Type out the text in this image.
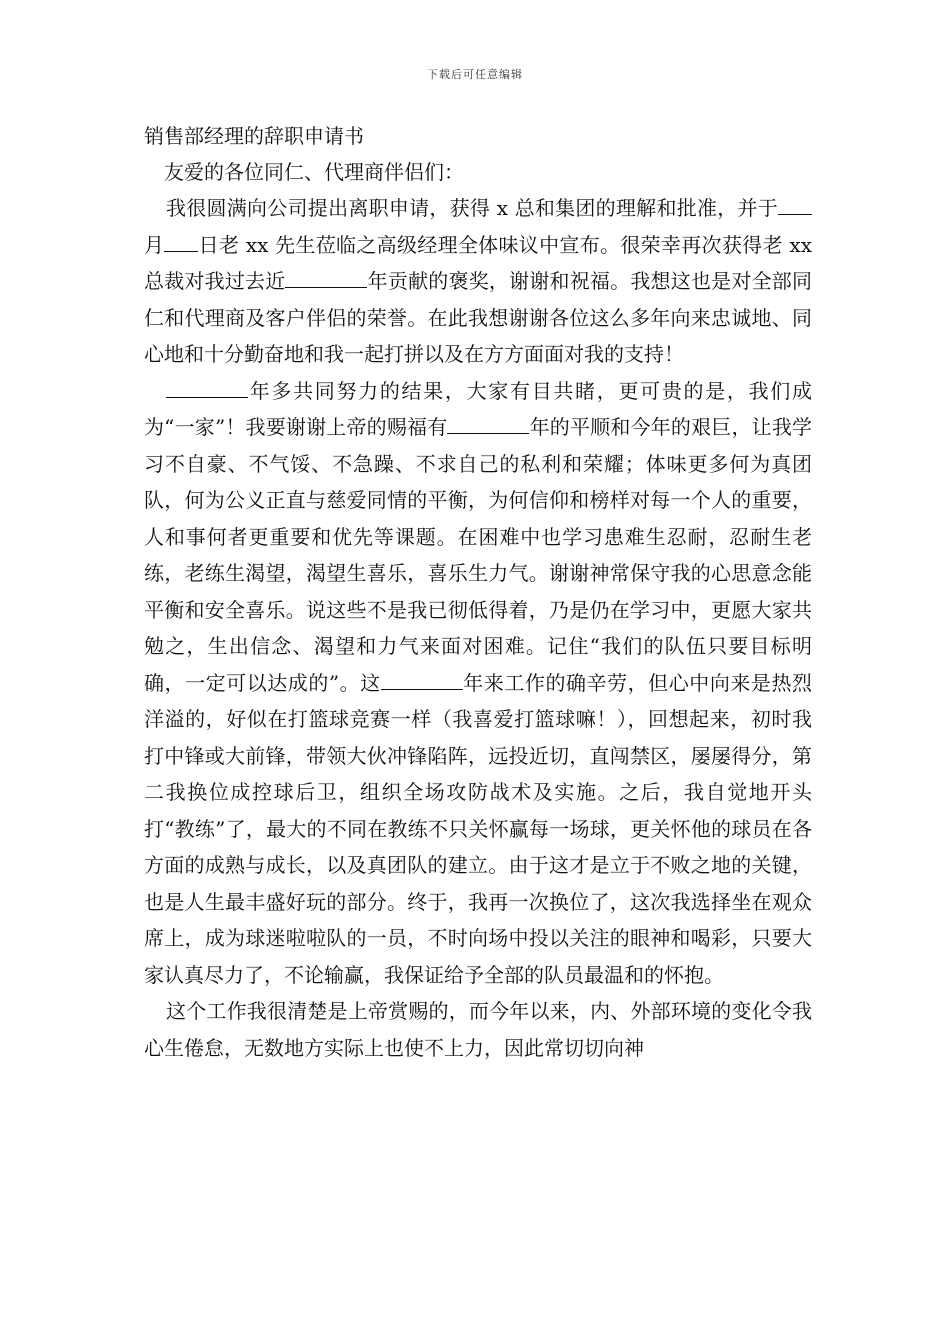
下载后可任意编辑

销售部经理的辞职申请书

友爱的各位同仁、代理商伴侣们：

我很圆满向公司提出离职申请，获得 x 总和集团的理解和批准，并于月 日老 xx 先生莅临之高级经理全体味议中宣布。很荣幸再次获得老 xx 总裁对我过去近	年贡献的褒奖，谢谢和祝福。我想这也是对全部同仁和代理商及客户伴侣的荣誉。在此我想谢谢各位这么多年向来忠诚地、同心地和十分勤奋地和我一起打拼以及在方方面面对我的支持！

年多共同努力的结果，大家有目共睹，更可贵的是，我们成为“一家”！我要谢谢上帝的赐福有	年的平顺和今年的艰巨，让我学习不自豪、不气馁、不急躁、不求自己的私利和荣耀；体味更多何为真团队，何为公义正直与慈爱同情的平衡，为何信仰和榜样对每一个人的重要，人和事何者更重要和优先等课题。在困难中也学习患难生忍耐，忍耐生老练，老练生渴望，渴望生喜乐，喜乐生力气。谢谢神常保守我的心思意念能平衡和安全喜乐。说这些不是我已彻低得着，乃是仍在学习中，更愿大家共勉之，生出信念、渴望和力气来面对困难。记住“我们的队伍只要目标明确，一定可以达成的”。这	年来工作的确辛劳，但心中向来是热烈洋溢的，好似在打篮球竞赛一样（我喜爱打篮球嘛！），回想起来，初时我打中锋或大前锋，带领大伙冲锋陷阵，远投近切，直闯禁区，屡屡得分，第二我换位成控球后卫，组织全场攻防战术及实施。之后，我自觉地开头打“教练”了，最大的不同在教练不只关怀赢每一场球，更关怀他的球员在各方面的成熟与成长，以及真团队的建立。由于这才是立于不败之地的关键，也是人生最丰盛好玩的部分。终于，我再一次换位了，这次我选择坐在观众席上，成为球迷啦啦队的一员，不时向场中投以关注的眼神和喝彩，只要大家认真尽力了，不论输赢，我保证给予全部的队员最温和的怀抱。

这个工作我很清楚是上帝赏赐的，而今年以来，内、外部环境的变化令我心生倦怠，无数地方实际上也使不上力，因此常切切向神
